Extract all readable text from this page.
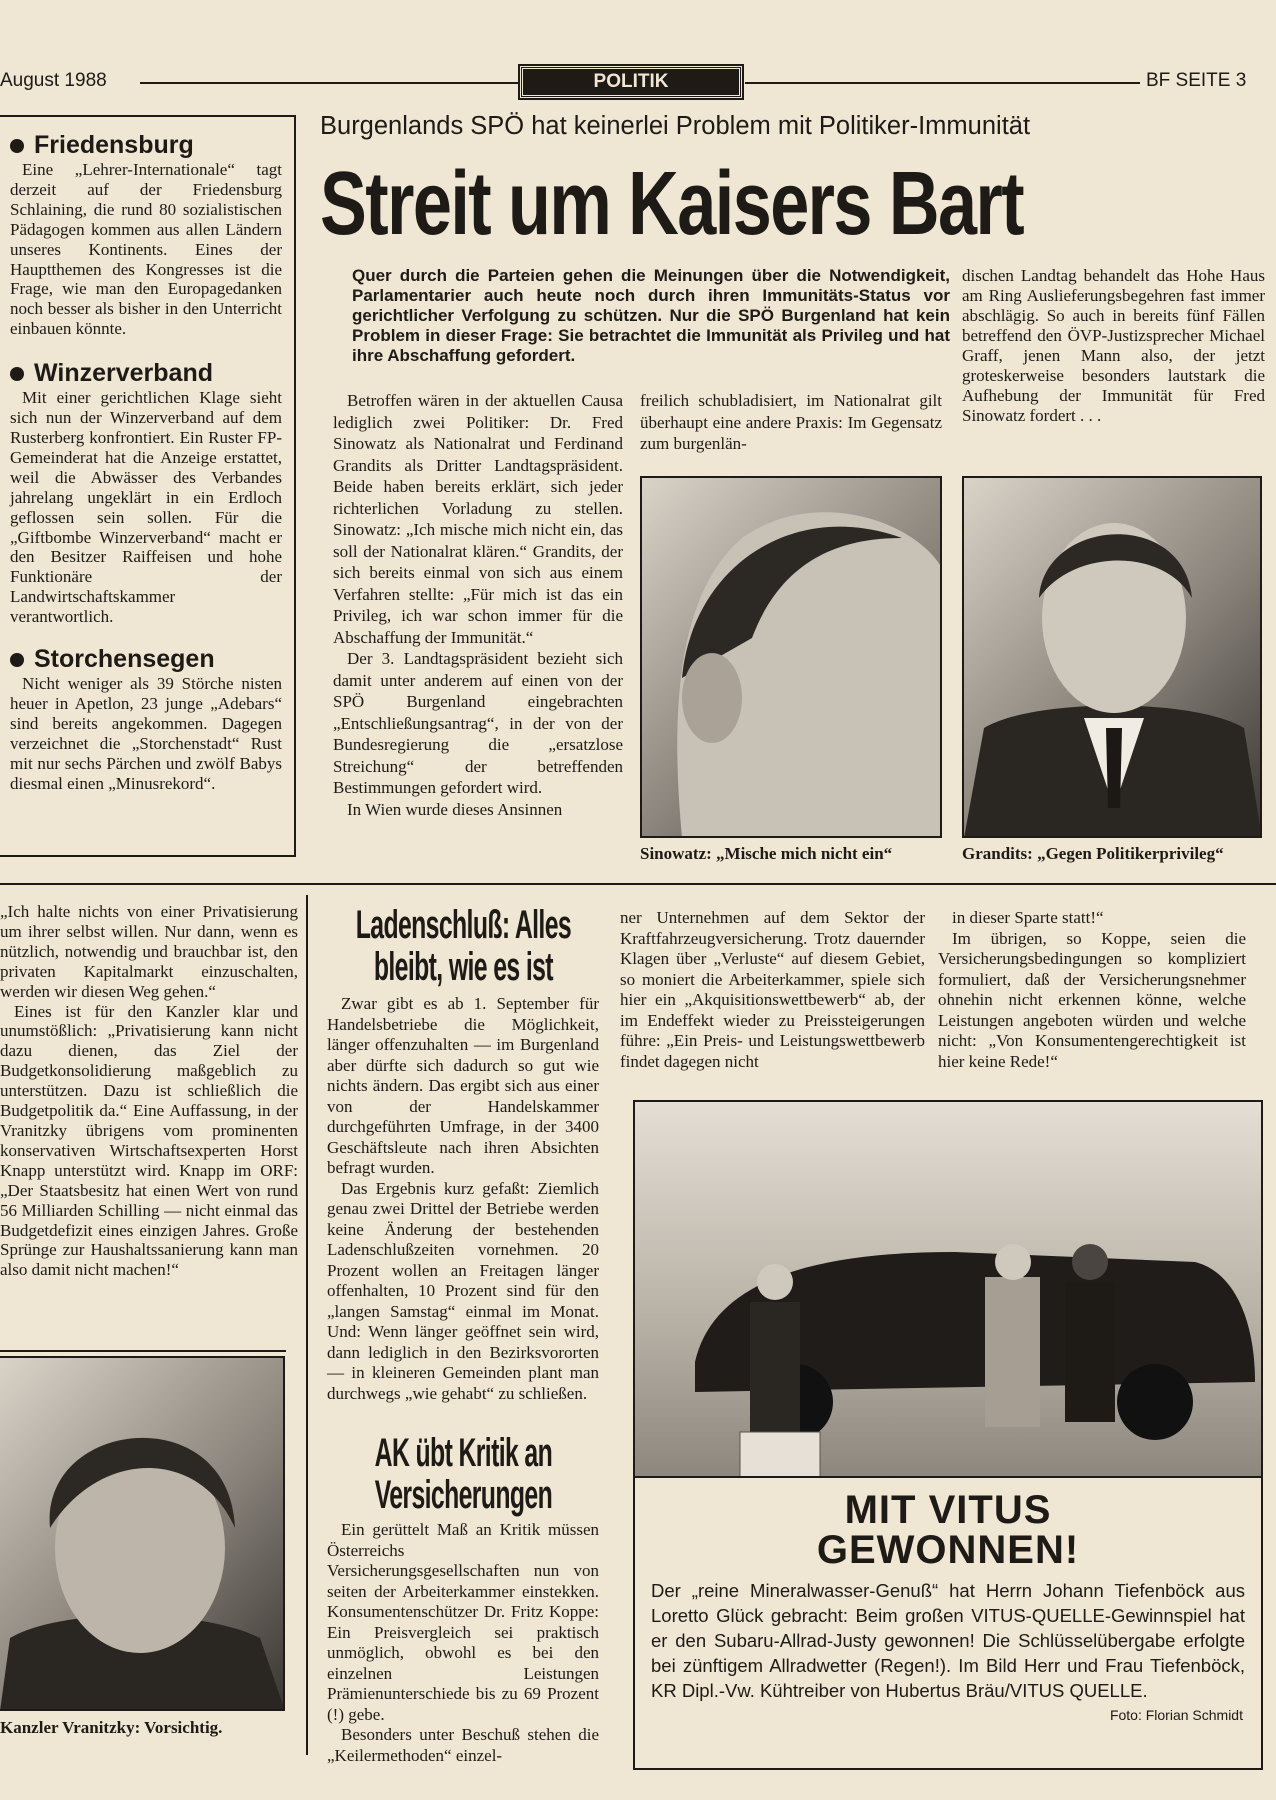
August 1988	POLITIK	BF SEITE 3
Friedensburg

Eine „Lehrer-Internationale“ tagt derzeit auf der Friedensburg Schlaining, die rund 80 sozialistischen Pädagogen kommen aus allen Ländern unseres Kontinents. Eines der Hauptthemen des Kongresses ist die Frage, wie man den Europagedanken noch besser als bisher in den Unterricht einbauen könnte.

Winzerverband

Mit einer gerichtlichen Klage sieht sich nun der Winzerverband auf dem Rusterberg konfrontiert. Ein Ruster FP-Gemeinderat hat die Anzeige erstattet, weil die Abwässer des Verbandes jahrelang ungeklärt in ein Erdloch geflossen sein sollen. Für die „Giftbombe Winzerverband“ macht er den Besitzer Raiffeisen und hohe Funktionäre der Landwirtschaftskammer verantwortlich.

Storchensegen

Nicht weniger als 39 Störche nisten heuer in Apetlon, 23 junge „Adebars“ sind bereits angekommen. Dagegen verzeichnet die „Storchenstadt“ Rust mit nur sechs Pärchen und zwölf Babys diesmal einen „Minusrekord“.

Burgenlands SPÖ hat keinerlei Problem mit Politiker-Immunität
Streit um Kaisers Bart
Quer durch die Parteien gehen die Meinungen über die Notwendigkeit, Parlamentarier auch heute noch durch ihren Immunitäts-Status vor gerichtlicher Verfolgung zu schützen. Nur die SPÖ Burgenland hat kein Problem in dieser Frage: Sie betrachtet die Immunität als Privileg und hat ihre Abschaffung gefordert.
dischen Landtag behandelt das Hohe Haus am Ring Auslieferungsbegehren fast immer abschlägig. So auch in bereits fünf Fällen betreffend den ÖVP-Justizsprecher Michael Graff, jenen Mann also, der jetzt groteskerweise besonders lautstark die Aufhebung der Immunität für Fred Sinowatz fordert . . .

Betroffen wären in der aktuellen Causa lediglich zwei Politiker: Dr. Fred Sinowatz als Nationalrat und Ferdinand Grandits als Dritter Landtagspräsident. Beide haben bereits erklärt, sich jeder richterlichen Vorladung zu stellen. Sinowatz: „Ich mische mich nicht ein, das soll der Nationalrat klären.“ Grandits, der sich bereits einmal von sich aus einem Verfahren stellte: „Für mich ist das ein Privileg, ich war schon immer für die Abschaffung der Immunität.“

Der 3. Landtagspräsident bezieht sich damit unter anderem auf einen von der SPÖ Burgenland eingebrachten „Entschließungsantrag“, in der von der Bundesregierung die „ersatzlose Streichung“ der betreffenden Bestimmungen gefordert wird.

In Wien wurde dieses Ansinnen

freilich schubladisiert, im Nationalrat gilt überhaupt eine andere Praxis: Im Gegensatz zum burgenlän-
Sinowatz: „Mische mich nicht ein“	Grandits: „Gegen Politikerprivileg“

„Ich halte nichts von einer Privatisierung um ihrer selbst willen. Nur dann, wenn es nützlich, notwendig und brauchbar ist, den privaten Kapitalmarkt einzuschalten, werden wir diesen Weg gehen.“

Eines ist für den Kanzler klar und unumstößlich: „Privatisierung kann nicht dazu dienen, das Ziel der Budgetkonsolidierung maßgeblich zu unterstützen. Dazu ist schließlich die Budgetpolitik da.“ Eine Auffassung, in der Vranitzky übrigens vom prominenten konservativen Wirtschaftsexperten Horst Knapp unterstützt wird. Knapp im ORF: „Der Staatsbesitz hat einen Wert von rund 56 Milliarden Schilling — nicht einmal das Budgetdefizit eines einzigen Jahres. Große Sprünge zur Haushaltssanierung kann man also damit nicht machen!“

Kanzler Vranitzky: Vorsichtig.
Ladenschluß: Alles bleibt, wie es ist

Zwar gibt es ab 1. September für Handelsbetriebe die Möglichkeit, länger offenzuhalten — im Burgenland aber dürfte sich dadurch so gut wie nichts ändern. Das ergibt sich aus einer von der Handelskammer durchgeführten Umfrage, in der 3400 Geschäftsleute nach ihren Absichten befragt wurden.

Das Ergebnis kurz gefaßt: Ziemlich genau zwei Drittel der Betriebe werden keine Änderung der bestehenden Ladenschlußzeiten vornehmen. 20 Prozent wollen an Freitagen länger offenhalten, 10 Prozent sind für den „langen Samstag“ einmal im Monat. Und: Wenn länger geöffnet sein wird, dann lediglich in den Bezirksvororten — in kleineren Gemeinden plant man durchwegs „wie gehabt“ zu schließen.

AK übt Kritik an Versicherungen

Ein gerüttelt Maß an Kritik müssen Österreichs Versicherungsgesellschaften nun von seiten der Arbeiterkammer einstekken. Konsumentenschützer Dr. Fritz Koppe: Ein Preisvergleich sei praktisch unmöglich, obwohl es bei den einzelnen Leistungen Prämienunterschiede bis zu 69 Prozent (!) gebe.

Besonders unter Beschuß stehen die „Keilermethoden“ einzel-

ner Unternehmen auf dem Sektor der Kraftfahrzeugversicherung. Trotz dauernder Klagen über „Verluste“ auf diesem Gebiet, so moniert die Arbeiterkammer, spiele sich hier ein „Akquisitionswettbewerb“ ab, der im Endeffekt wieder zu Preissteigerungen führe: „Ein Preis- und Leistungswettbewerb findet dagegen nicht

in dieser Sparte statt!“

Im übrigen, so Koppe, seien die Versicherungsbedingungen so kompliziert formuliert, daß der Versicherungsnehmer ohnehin nicht erkennen könne, welche Leistungen angeboten würden und welche nicht: „Von Konsumentengerechtigkeit ist hier keine Rede!“

MIT VITUS
GEWONNEN!
Der „reine Mineralwasser-Genuß“ hat Herrn Johann Tiefenböck aus Loretto Glück gebracht: Beim großen VITUS-QUELLE-Gewinnspiel hat er den Subaru-Allrad-Justy gewonnen! Die Schlüsselübergabe erfolgte bei zünftigem Allradwetter (Regen!). Im Bild Herr und Frau Tiefenböck, KR Dipl.-Vw. Kühtreiber von Hubertus Bräu/VITUS QUELLE.
Foto: Florian Schmidt
